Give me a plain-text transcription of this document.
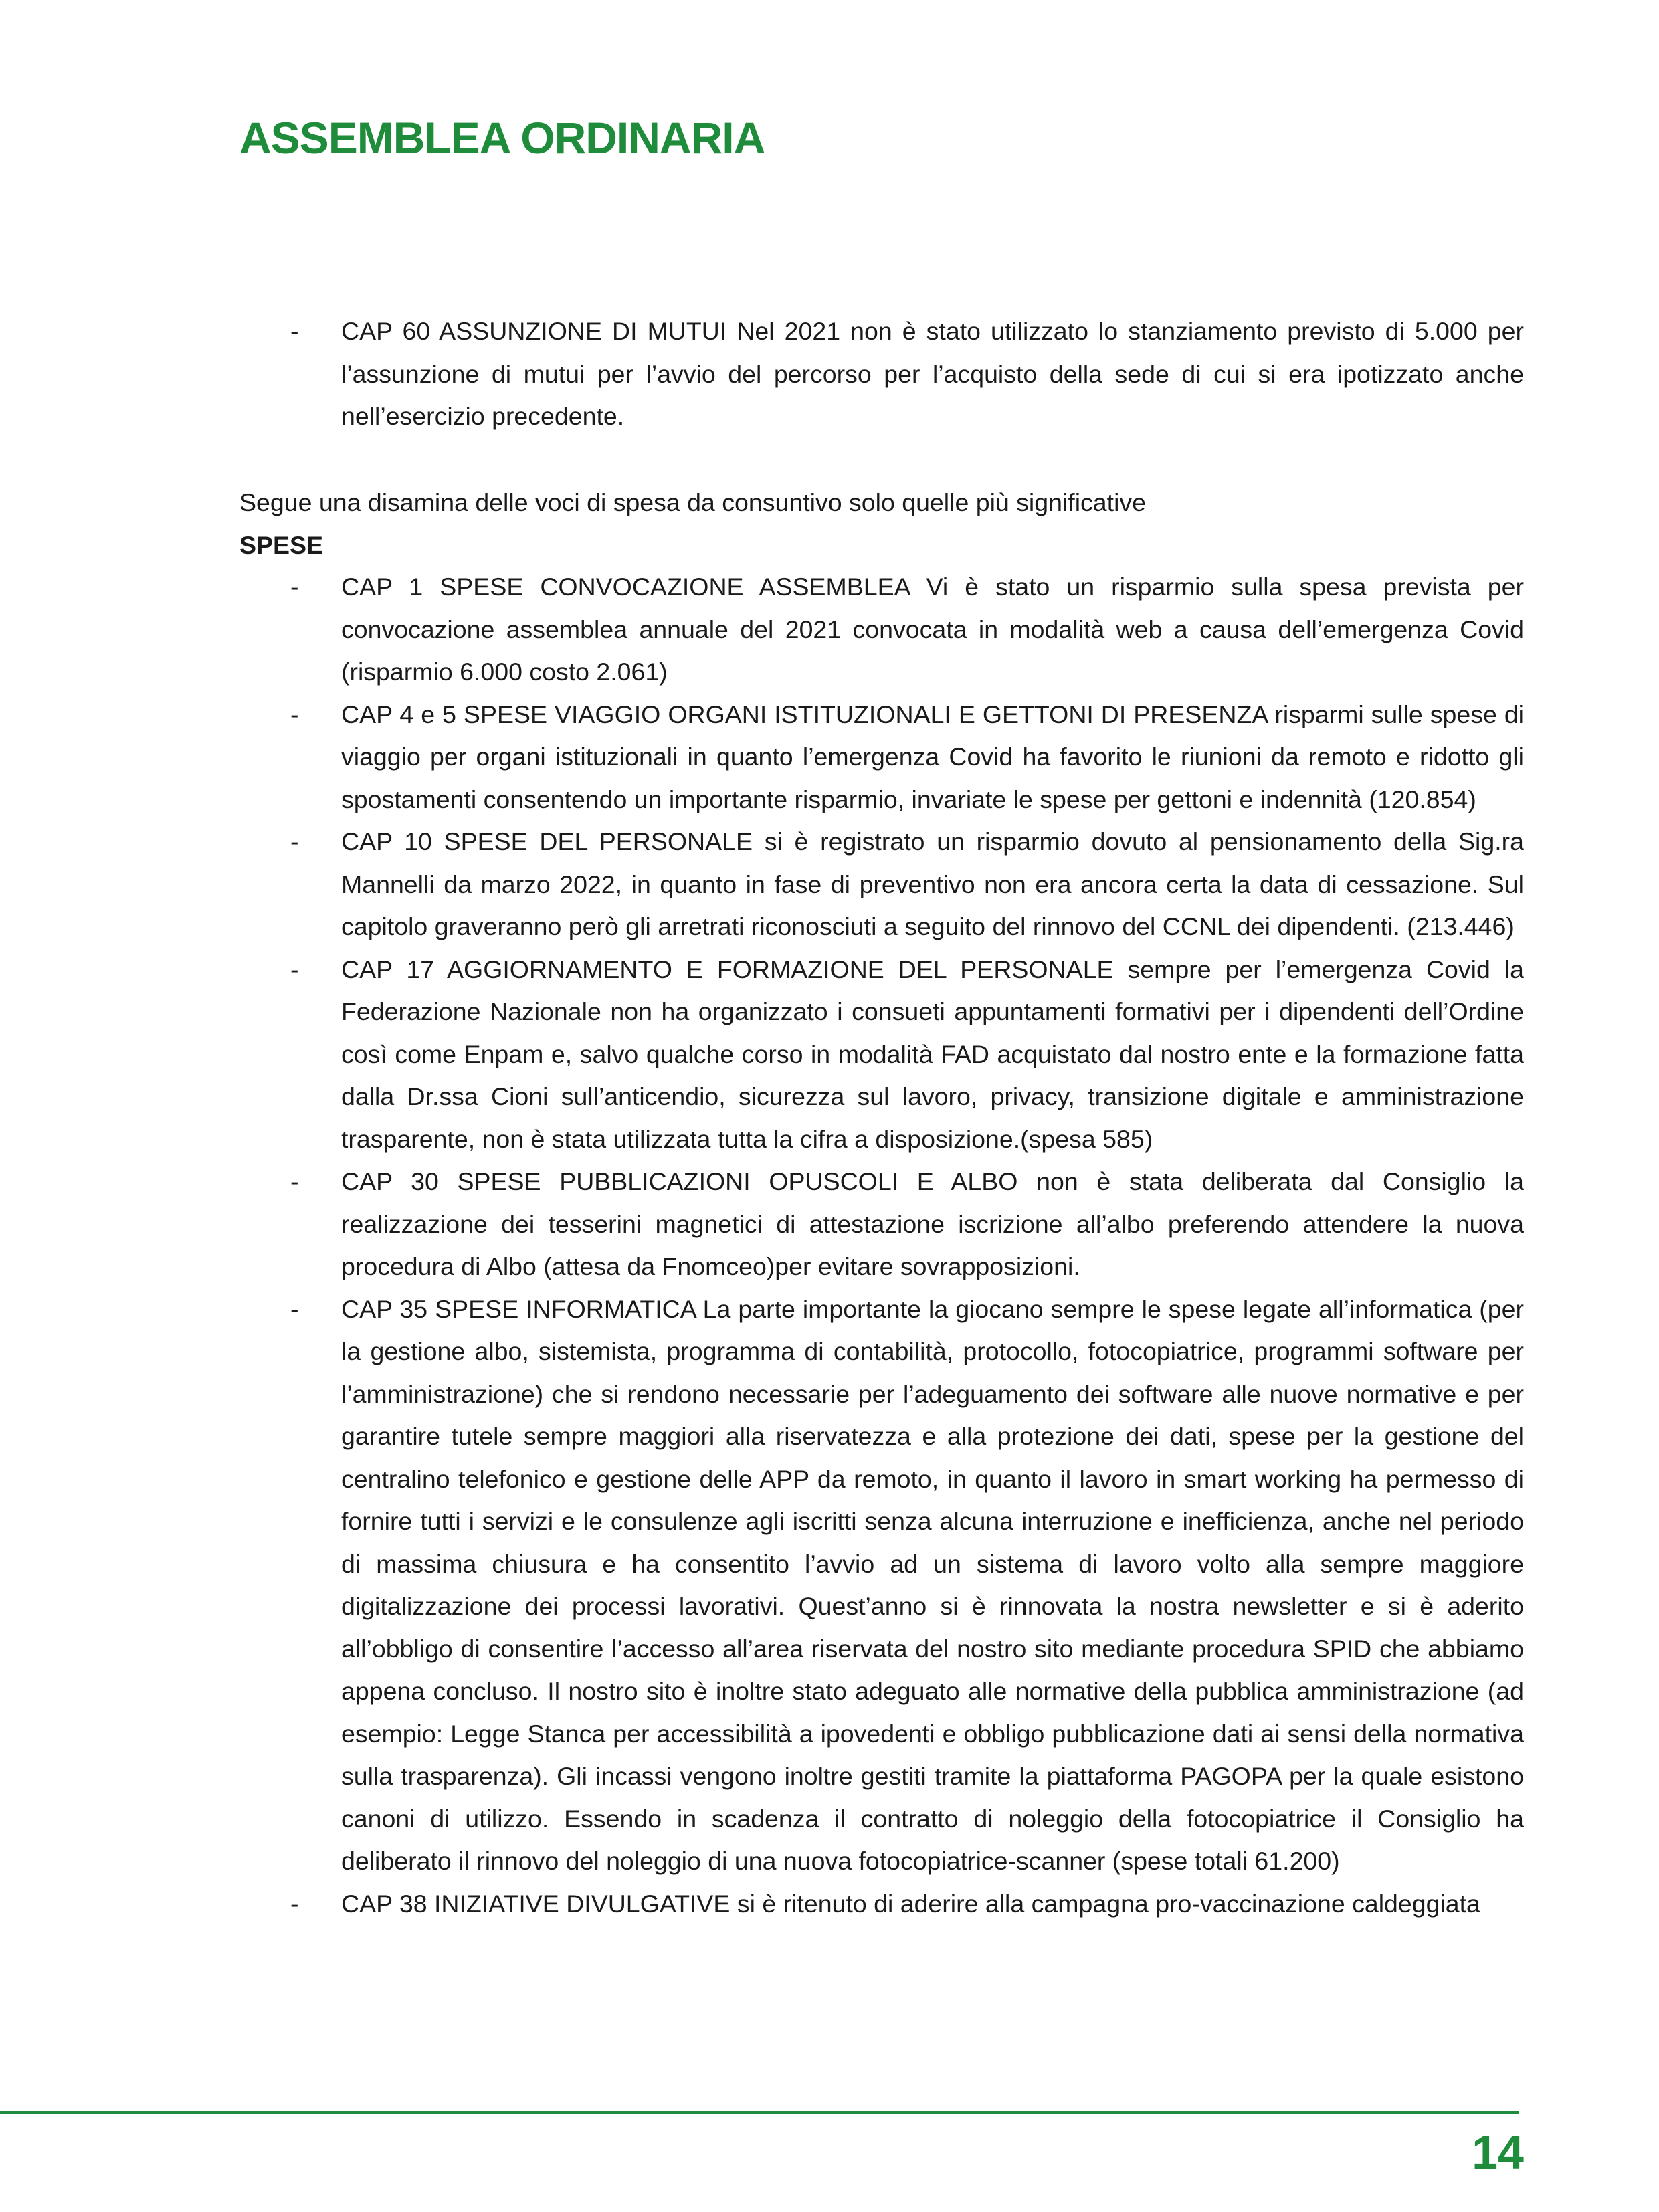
ASSEMBLEA ORDINARIA
- CAP 60 ASSUNZIONE DI MUTUI Nel 2021 non è stato utilizzato lo stanziamento previsto di 5.000 per l’assunzione di mutui per l’avvio del percorso per l’acquisto della sede di cui si era ipotizzato anche nell’esercizio precedente.

Segue una disamina delle voci di spesa da consuntivo solo quelle più significative

SPESE

- CAP 1 SPESE CONVOCAZIONE ASSEMBLEA Vi è stato un risparmio sulla spesa prevista per convocazione assemblea annuale del 2021 convocata in modalità web a causa dell’emergenza Covid (risparmio 6.000 costo 2.061)
- CAP 4 e 5 SPESE VIAGGIO ORGANI ISTITUZIONALI E GETTONI DI PRESENZA risparmi sulle spese di viaggio per organi istituzionali in quanto l’emergenza Covid ha favorito le riunioni da remoto e ridotto gli spostamenti consentendo un importante risparmio, invariate le spese per gettoni e indennità (120.854)
- CAP 10 SPESE DEL PERSONALE si è registrato un risparmio dovuto al pensionamento della Sig.ra Mannelli da marzo 2022, in quanto in fase di preventivo non era ancora certa la data di cessazione. Sul capitolo graveranno però gli arretrati riconosciuti a seguito del rinnovo del CCNL dei dipendenti. (213.446)
- CAP 17 AGGIORNAMENTO E FORMAZIONE DEL PERSONALE sempre per l’emergenza Covid la Federazione Nazionale non ha organizzato i consueti appuntamenti formativi per i dipendenti dell’Ordine così come Enpam e, salvo qualche corso in modalità FAD acquistato dal nostro ente e la formazione fatta dalla Dr.ssa Cioni sull’anticendio, sicurezza sul lavoro, privacy, transizione digitale e amministrazione trasparente, non è stata utilizzata tutta la cifra a disposizione.(spesa 585)
- CAP 30 SPESE PUBBLICAZIONI OPUSCOLI E ALBO non è stata deliberata dal Consiglio la realizzazione dei tesserini magnetici di attestazione iscrizione all’albo preferendo attendere la nuova procedura di Albo (attesa da Fnomceo)per evitare sovrapposizioni.
- CAP 35 SPESE INFORMATICA La parte importante la giocano sempre le spese legate all’informatica (per la gestione albo, sistemista, programma di contabilità, protocollo, fotocopiatrice, programmi software per l’amministrazione) che si rendono necessarie per l’adeguamento dei software alle nuove normative e per garantire tutele sempre maggiori alla riservatezza e alla protezione dei dati, spese per la gestione del centralino telefonico e gestione delle APP da remoto, in quanto il lavoro in smart working ha permesso di fornire tutti i servizi e le consulenze agli iscritti senza alcuna interruzione e inefficienza, anche nel periodo di massima chiusura e ha consentito l’avvio ad un sistema di lavoro volto alla sempre maggiore digitalizzazione dei processi lavorativi. Quest’anno si è rinnovata la nostra newsletter e si è aderito all’obbligo di consentire l’accesso all’area riservata del nostro sito mediante procedura SPID che abbiamo appena concluso. Il nostro sito è inoltre stato adeguato alle normative della pubblica amministrazione (ad esempio: Legge Stanca per accessibilità a ipovedenti e obbligo pubblicazione dati ai sensi della normativa sulla trasparenza). Gli incassi vengono inoltre gestiti tramite la piattaforma PAGOPA per la quale esistono canoni di utilizzo. Essendo in scadenza il contratto di noleggio della fotocopiatrice il Consiglio ha deliberato il rinnovo del noleggio di una nuova fotocopiatrice-scanner (spese totali 61.200)
- CAP 38 INIZIATIVE DIVULGATIVE si è ritenuto di aderire alla campagna pro-vaccinazione caldeggiata

14
